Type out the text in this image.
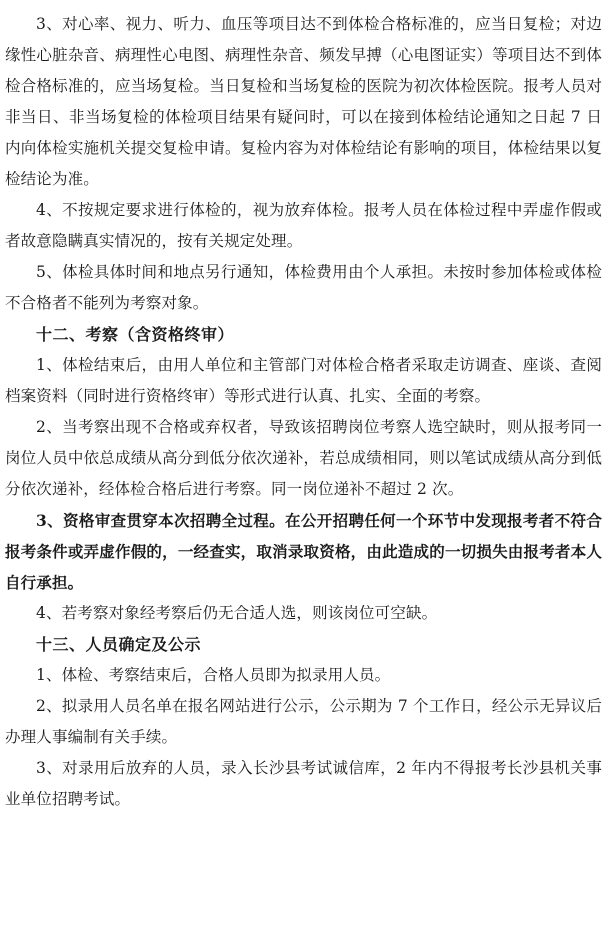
3、对心率、视力、听力、血压等项目达不到体检合格标准的，应当日复检；对边缘性心脏杂音、病理性心电图、病理性杂音、频发早搏（心电图证实）等项目达不到体检合格标准的，应当场复检。当日复检和当场复检的医院为初次体检医院。报考人员对非当日、非当场复检的体检项目结果有疑问时，可以在接到体检结论通知之日起 7 日内向体检实施机关提交复检申请。复检内容为对体检结论有影响的项目，体检结果以复检结论为准。

4、不按规定要求进行体检的，视为放弃体检。报考人员在体检过程中弄虚作假或者故意隐瞒真实情况的，按有关规定处理。

5、体检具体时间和地点另行通知，体检费用由个人承担。未按时参加体检或体检不合格者不能列为考察对象。

十二、考察（含资格终审）

1、体检结束后，由用人单位和主管部门对体检合格者采取走访调查、座谈、查阅档案资料（同时进行资格终审）等形式进行认真、扎实、全面的考察。

2、当考察出现不合格或弃权者，导致该招聘岗位考察人选空缺时，则从报考同一岗位人员中依总成绩从高分到低分依次递补，若总成绩相同，则以笔试成绩从高分到低分依次递补，经体检合格后进行考察。同一岗位递补不超过 2 次。

3、资格审查贯穿本次招聘全过程。在公开招聘任何一个环节中发现报考者不符合报考条件或弄虚作假的，一经查实，取消录取资格，由此造成的一切损失由报考者本人自行承担。

4、若考察对象经考察后仍无合适人选，则该岗位可空缺。

十三、人员确定及公示

1、体检、考察结束后，合格人员即为拟录用人员。

2、拟录用人员名单在报名网站进行公示，公示期为 7 个工作日，经公示无异议后办理人事编制有关手续。

3、对录用后放弃的人员，录入长沙县考试诚信库，2 年内不得报考长沙县机关事业单位招聘考试。
